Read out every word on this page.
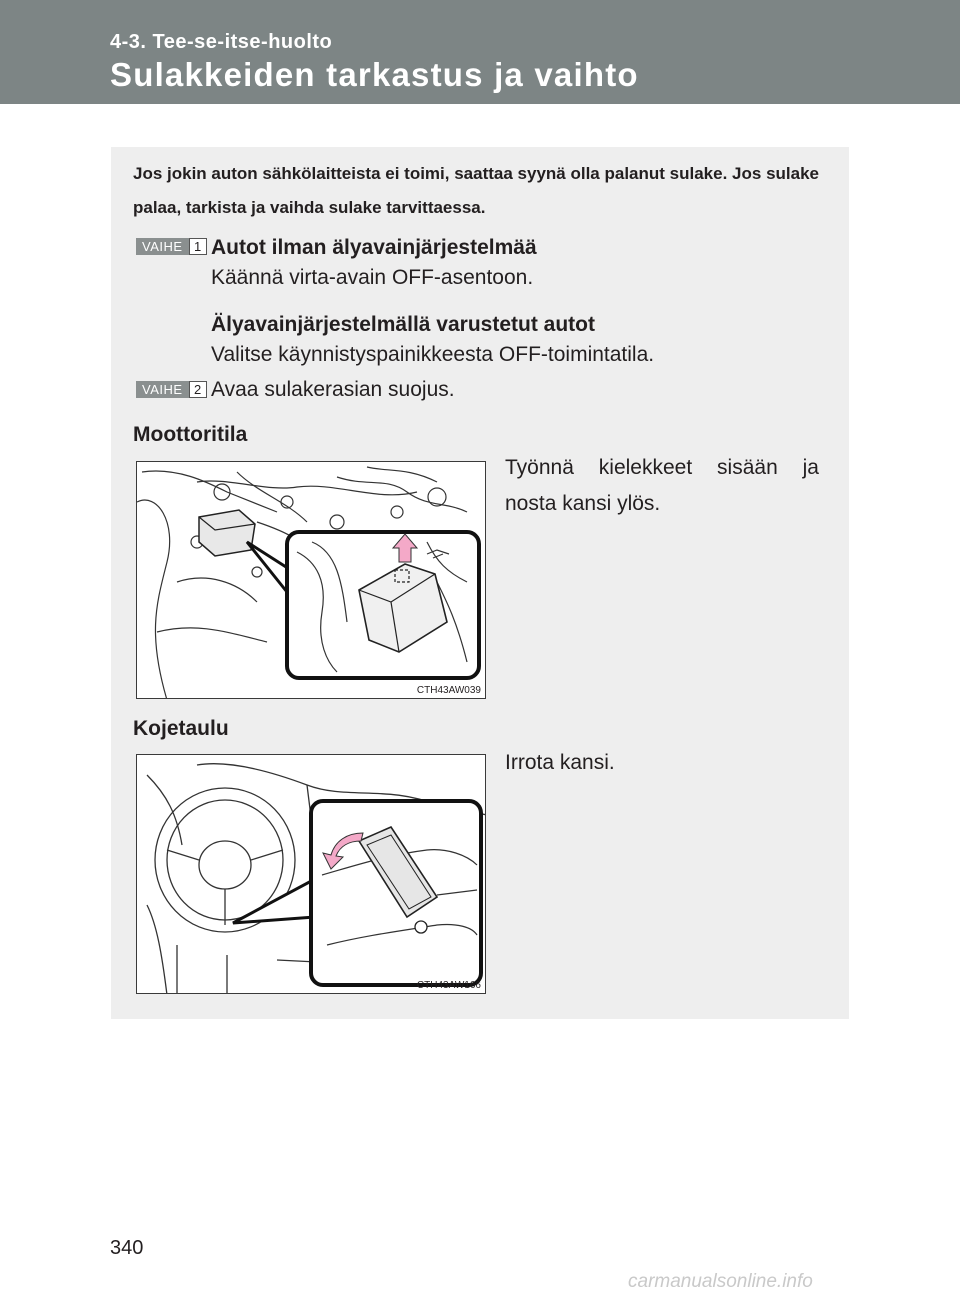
4-3. Tee-se-itse-huolto
Sulakkeiden tarkastus ja vaihto
Jos jokin auton sähkölaitteista ei toimi, saattaa syynä olla palanut sulake. Jos sulake palaa, tarkista ja vaihda sulake tarvittaessa.
VAIHE 1 Autot ilman älyavainjärjestelmää
Käännä virta-avain OFF-asentoon.
Älyavainjärjestelmällä varustetut autot
Valitse käynnistyspainikkeesta OFF-toimintatila.
VAIHE 2 Avaa sulakerasian suojus.
Moottoritila
Työnnä kielekkeet sisään ja nosta kansi ylös.
CTH43AW039
Kojetaulu
Irrota kansi.
CTH43AW166
340
carmanualsonline.info
